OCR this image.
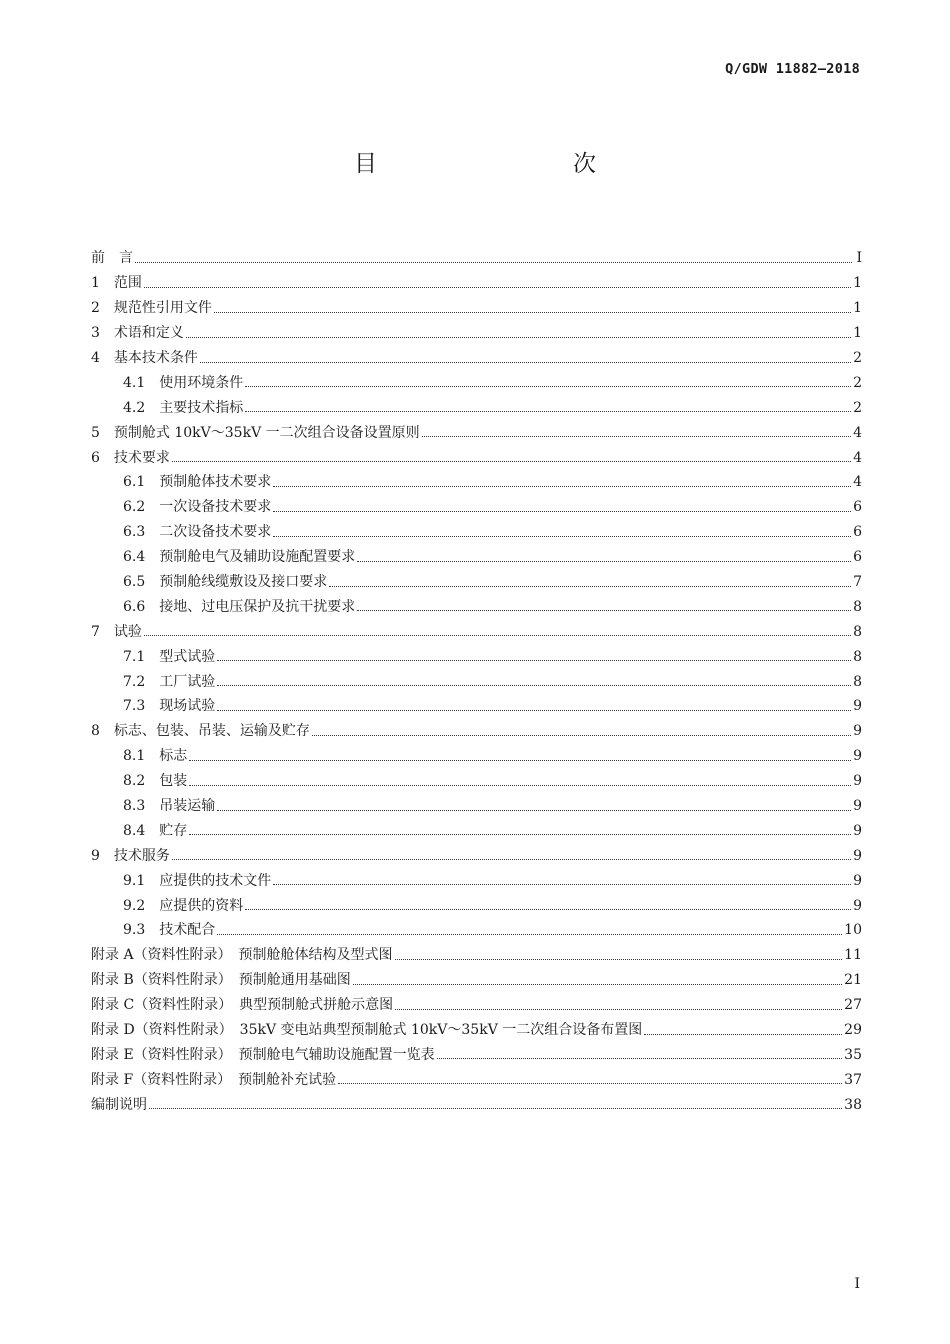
Q/GDW 11882—2018
目　　次
前　言	I
1　范围	1
2　规范性引用文件	1
3　术语和定义	1
4　基本技术条件	2
4.1　使用环境条件	2
4.2　主要技术指标	2
5　预制舱式 10kV～35kV 一二次组合设备设置原则	4
6　技术要求	4
6.1　预制舱体技术要求	4
6.2　一次设备技术要求	6
6.3　二次设备技术要求	6
6.4　预制舱电气及辅助设施配置要求	6
6.5　预制舱线缆敷设及接口要求	7
6.6　接地、过电压保护及抗干扰要求	8
7　试验	8
7.1　型式试验	8
7.2　工厂试验	8
7.3　现场试验	9
8　标志、包装、吊装、运输及贮存	9
8.1　标志	9
8.2　包装	9
8.3　吊装运输	9
8.4　贮存	9
9　技术服务	9
9.1　应提供的技术文件	9
9.2　应提供的资料	9
9.3　技术配合	10
附录 A（资料性附录）　预制舱舱体结构及型式图	11
附录 B（资料性附录）　预制舱通用基础图	21
附录 C（资料性附录）　典型预制舱式拼舱示意图	27
附录 D（资料性附录）　35kV 变电站典型预制舱式 10kV～35kV 一二次组合设备布置图	29
附录 E（资料性附录）　预制舱电气辅助设施配置一览表	35
附录 F（资料性附录）　预制舱补充试验	37
编制说明	38
I
